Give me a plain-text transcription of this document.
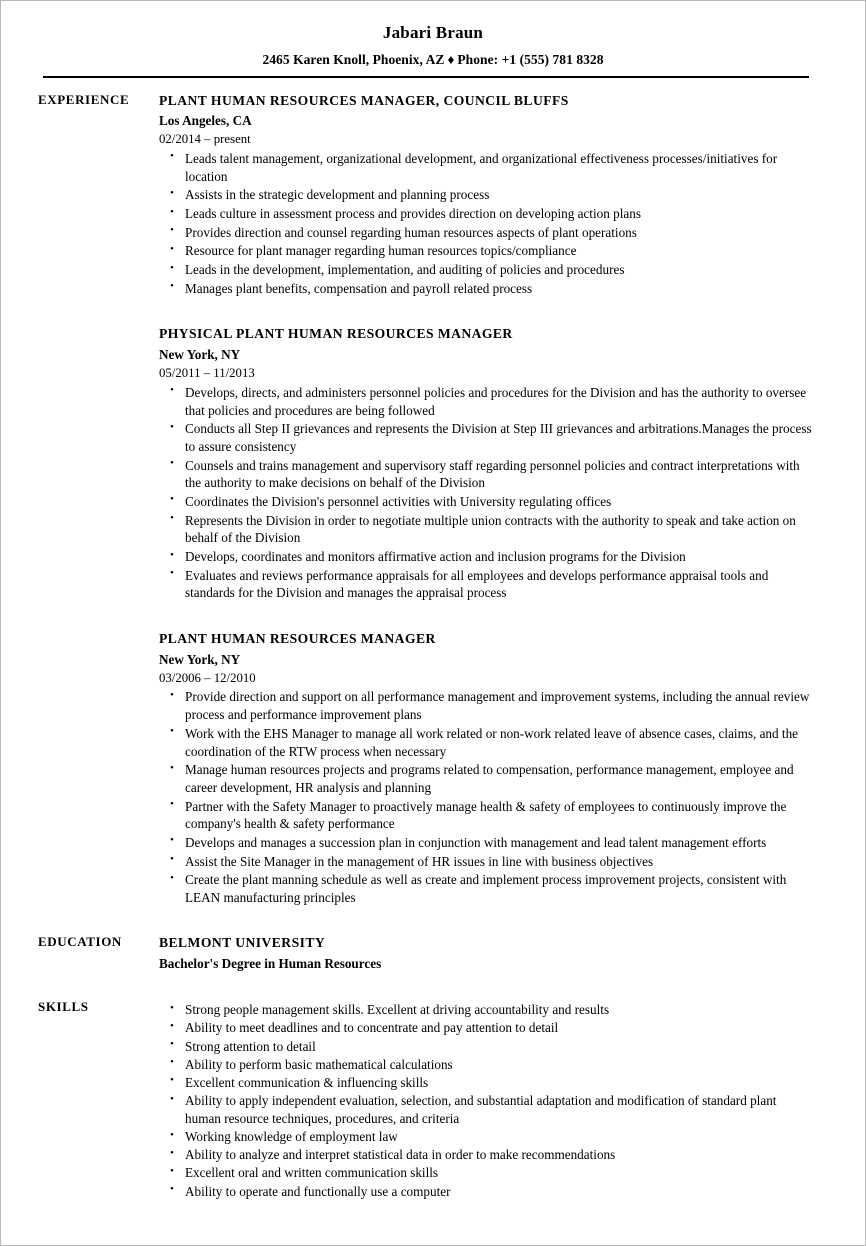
Jabari Braun
2465 Karen Knoll, Phoenix, AZ ♦ Phone: +1 (555) 781 8328
EXPERIENCE	PLANT HUMAN RESOURCES MANAGER, COUNCIL BLUFFS
Los Angeles, CA
02/2014 – present
• Leads talent management, organizational development, and organizational effectiveness processes/initiatives for location
• Assists in the strategic development and planning process
• Leads culture in assessment process and provides direction on developing action plans
• Provides direction and counsel regarding human resources aspects of plant operations
• Resource for plant manager regarding human resources topics/compliance
• Leads in the development, implementation, and auditing of policies and procedures
• Manages plant benefits, compensation and payroll related process
PHYSICAL PLANT HUMAN RESOURCES MANAGER
New York, NY
05/2011 – 11/2013
• Develops, directs, and administers personnel policies and procedures for the Division and has the authority to oversee that policies and procedures are being followed
• Conducts all Step II grievances and represents the Division at Step III grievances and arbitrations.Manages the process to assure consistency
• Counsels and trains management and supervisory staff regarding personnel policies and contract interpretations with the authority to make decisions on behalf of the Division
• Coordinates the Division's personnel activities with University regulating offices
• Represents the Division in order to negotiate multiple union contracts with the authority to speak and take action on behalf of the Division
• Develops, coordinates and monitors affirmative action and inclusion programs for the Division
• Evaluates and reviews performance appraisals for all employees and develops performance appraisal tools and standards for the Division and manages the appraisal process
PLANT HUMAN RESOURCES MANAGER
New York, NY
03/2006 – 12/2010
• Provide direction and support on all performance management and improvement systems, including the annual review process and performance improvement plans
• Work with the EHS Manager to manage all work related or non-work related leave of absence cases, claims, and the coordination of the RTW process when necessary
• Manage human resources projects and programs related to compensation, performance management, employee and career development, HR analysis and planning
• Partner with the Safety Manager to proactively manage health & safety of employees to continuously improve the company's health & safety performance
• Develops and manages a succession plan in conjunction with management and lead talent management efforts
• Assist the Site Manager in the management of HR issues in line with business objectives
• Create the plant manning schedule as well as create and implement process improvement projects, consistent with LEAN manufacturing principles
EDUCATION	BELMONT UNIVERSITY
Bachelor's Degree in Human Resources
SKILLS	• Strong people management skills. Excellent at driving accountability and results
• Ability to meet deadlines and to concentrate and pay attention to detail
• Strong attention to detail
• Ability to perform basic mathematical calculations
• Excellent communication & influencing skills
• Ability to apply independent evaluation, selection, and substantial adaptation and modification of standard plant human resource techniques, procedures, and criteria
• Working knowledge of employment law
• Ability to analyze and interpret statistical data in order to make recommendations
• Excellent oral and written communication skills
• Ability to operate and functionally use a computer
